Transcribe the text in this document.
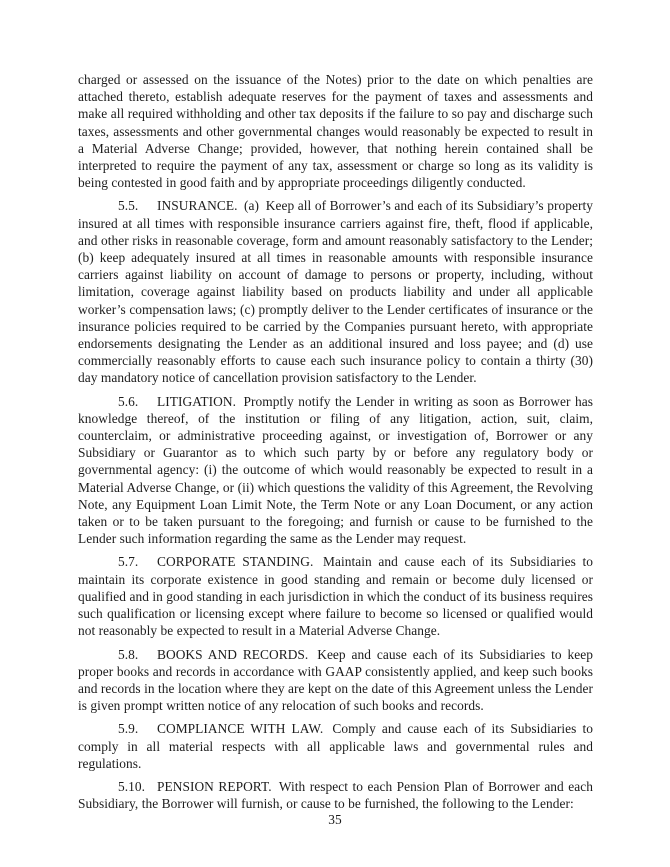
charged or assessed on the issuance of the Notes) prior to the date on which penalties are attached thereto, establish adequate reserves for the payment of taxes and assessments and make all required withholding and other tax deposits if the failure to so pay and discharge such taxes, assessments and other governmental changes would reasonably be expected to result in a Material Adverse Change; provided, however, that nothing herein contained shall be interpreted to require the payment of any tax, assessment or charge so long as its validity is being contested in good faith and by appropriate proceedings diligently conducted.

5.5. INSURANCE. (a) Keep all of Borrower’s and each of its Subsidiary’s property insured at all times with responsible insurance carriers against fire, theft, flood if applicable, and other risks in reasonable coverage, form and amount reasonably satisfactory to the Lender; (b) keep adequately insured at all times in reasonable amounts with responsible insurance carriers against liability on account of damage to persons or property, including, without limitation, coverage against liability based on products liability and under all applicable worker’s compensation laws; (c) promptly deliver to the Lender certificates of insurance or the insurance policies required to be carried by the Companies pursuant hereto, with appropriate endorsements designating the Lender as an additional insured and loss payee; and (d) use commercially reasonably efforts to cause each such insurance policy to contain a thirty (30) day mandatory notice of cancellation provision satisfactory to the Lender.

5.6. LITIGATION. Promptly notify the Lender in writing as soon as Borrower has knowledge thereof, of the institution or filing of any litigation, action, suit, claim, counterclaim, or administrative proceeding against, or investigation of, Borrower or any Subsidiary or Guarantor as to which such party by or before any regulatory body or governmental agency: (i) the outcome of which would reasonably be expected to result in a Material Adverse Change, or (ii) which questions the validity of this Agreement, the Revolving Note, any Equipment Loan Limit Note, the Term Note or any Loan Document, or any action taken or to be taken pursuant to the foregoing; and furnish or cause to be furnished to the Lender such information regarding the same as the Lender may request.

5.7. CORPORATE STANDING. Maintain and cause each of its Subsidiaries to maintain its corporate existence in good standing and remain or become duly licensed or qualified and in good standing in each jurisdiction in which the conduct of its business requires such qualification or licensing except where failure to become so licensed or qualified would not reasonably be expected to result in a Material Adverse Change.

5.8. BOOKS AND RECORDS. Keep and cause each of its Subsidiaries to keep proper books and records in accordance with GAAP consistently applied, and keep such books and records in the location where they are kept on the date of this Agreement unless the Lender is given prompt written notice of any relocation of such books and records.

5.9. COMPLIANCE WITH LAW. Comply and cause each of its Subsidiaries to comply in all material respects with all applicable laws and governmental rules and regulations.

5.10. PENSION REPORT. With respect to each Pension Plan of Borrower and each Subsidiary, the Borrower will furnish, or cause to be furnished, the following to the Lender:

35
